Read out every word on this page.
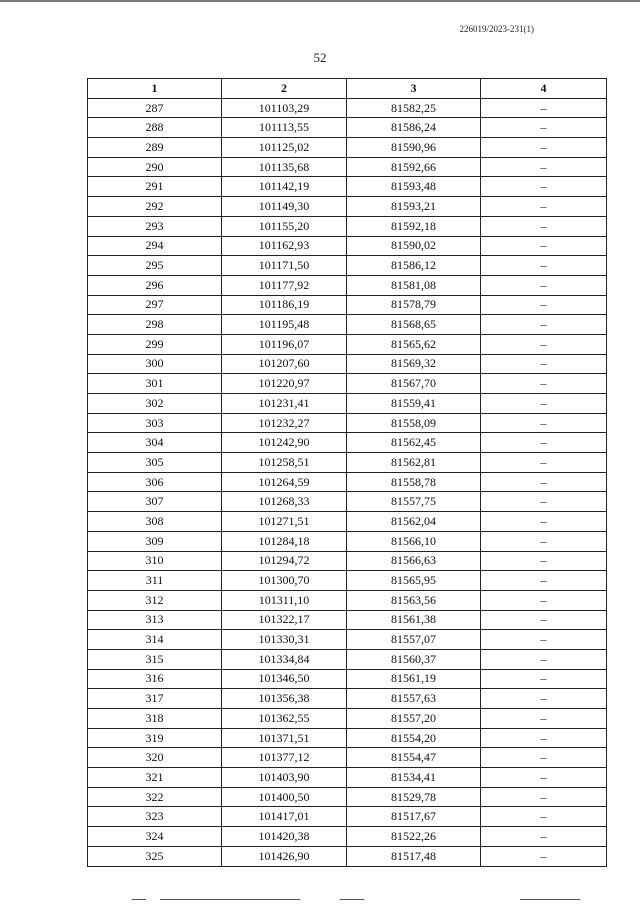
226019/2023-231(1)
52
1	2	3	4
287	101103,29	81582,25	–
288	101113,55	81586,24	–
289	101125,02	81590,96	–
290	101135,68	81592,66	–
291	101142,19	81593,48	–
292	101149,30	81593,21	–
293	101155,20	81592,18	–
294	101162,93	81590,02	–
295	101171,50	81586,12	–
296	101177,92	81581,08	–
297	101186,19	81578,79	–
298	101195,48	81568,65	–
299	101196,07	81565,62	–
300	101207,60	81569,32	–
301	101220,97	81567,70	–
302	101231,41	81559,41	–
303	101232,27	81558,09	–
304	101242,90	81562,45	–
305	101258,51	81562,81	–
306	101264,59	81558,78	–
307	101268,33	81557,75	–
308	101271,51	81562,04	–
309	101284,18	81566,10	–
310	101294,72	81566,63	–
311	101300,70	81565,95	–
312	101311,10	81563,56	–
313	101322,17	81561,38	–
314	101330,31	81557,07	–
315	101334,84	81560,37	–
316	101346,50	81561,19	–
317	101356,38	81557,63	–
318	101362,55	81557,20	–
319	101371,51	81554,20	–
320	101377,12	81554,47	–
321	101403,90	81534,41	–
322	101400,50	81529,78	–
323	101417,01	81517,67	–
324	101420,38	81522,26	–
325	101426,90	81517,48	–
